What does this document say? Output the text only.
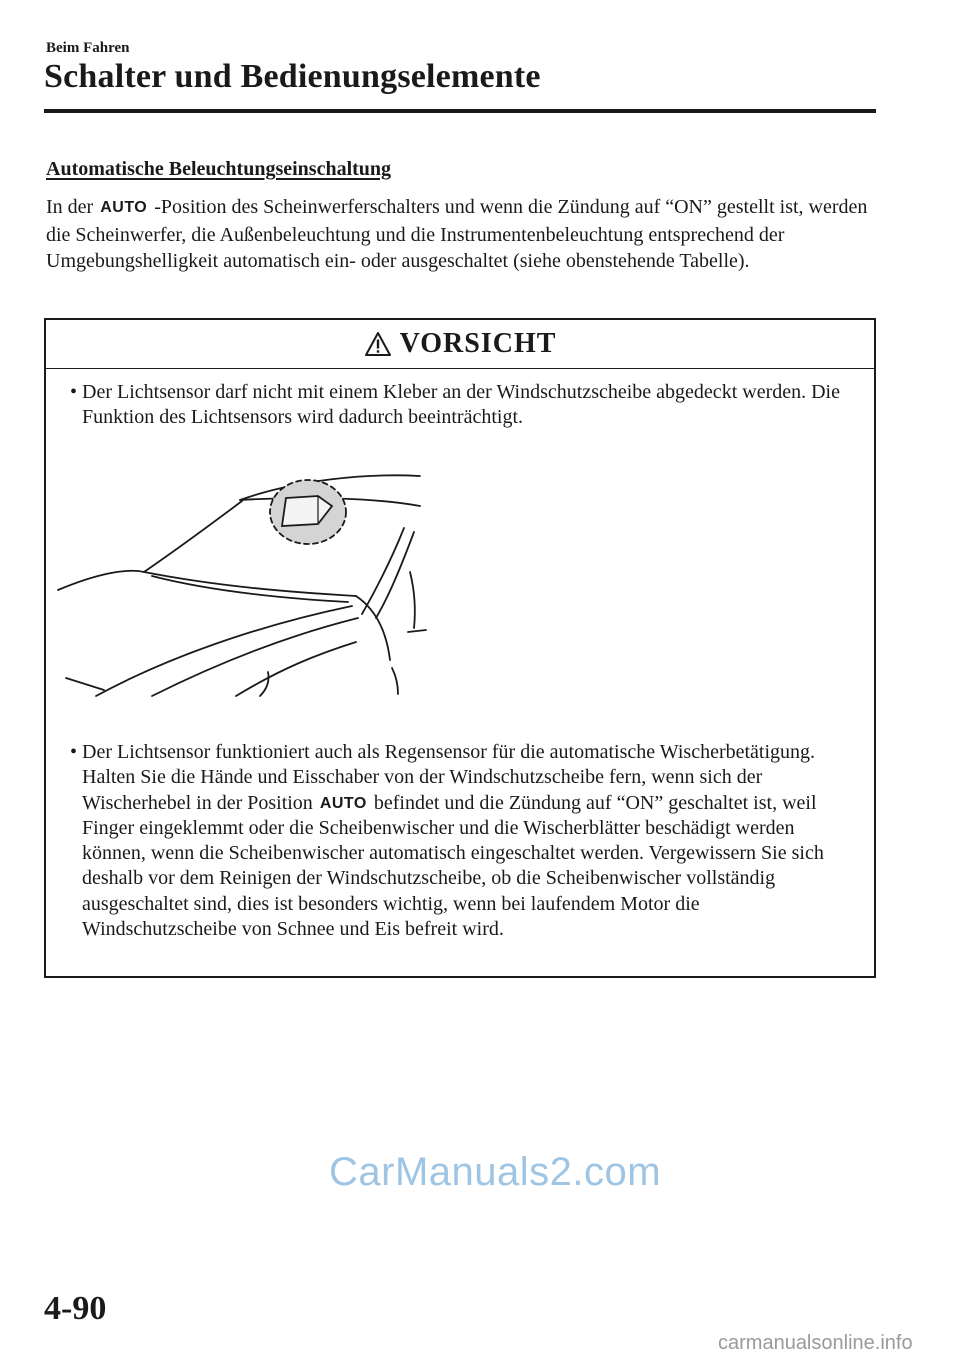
Beim Fahren
Schalter und Bedienungselemente
Automatische Beleuchtungseinschaltung
In der AUTO -Position des Scheinwerferschalters und wenn die Zündung auf “ON” gestellt ist, werden die Scheinwerfer, die Außenbeleuchtung und die Instrumentenbeleuchtung entsprechend der Umgebungshelligkeit automatisch ein- oder ausgeschaltet (siehe obenstehende Tabelle).
VORSICHT
• Der Lichtsensor darf nicht mit einem Kleber an der Windschutzscheibe abgedeckt werden. Die Funktion des Lichtsensors wird dadurch beeinträchtigt.
• Der Lichtsensor funktioniert auch als Regensensor für die automatische Wischerbetätigung. Halten Sie die Hände und Eisschaber von der Windschutzscheibe fern, wenn sich der Wischerhebel in der Position AUTO befindet und die Zündung auf “ON” geschaltet ist, weil Finger eingeklemmt oder die Scheibenwischer und die Wischerblätter beschädigt werden können, wenn die Scheibenwischer automatisch eingeschaltet werden. Vergewissern Sie sich deshalb vor dem Reinigen der Windschutzscheibe, ob die Scheibenwischer vollständig ausgeschaltet sind, dies ist besonders wichtig, wenn bei laufendem Motor die Windschutzscheibe von Schnee und Eis befreit wird.
CarManuals2.com
4-90
carmanualsonline.info
